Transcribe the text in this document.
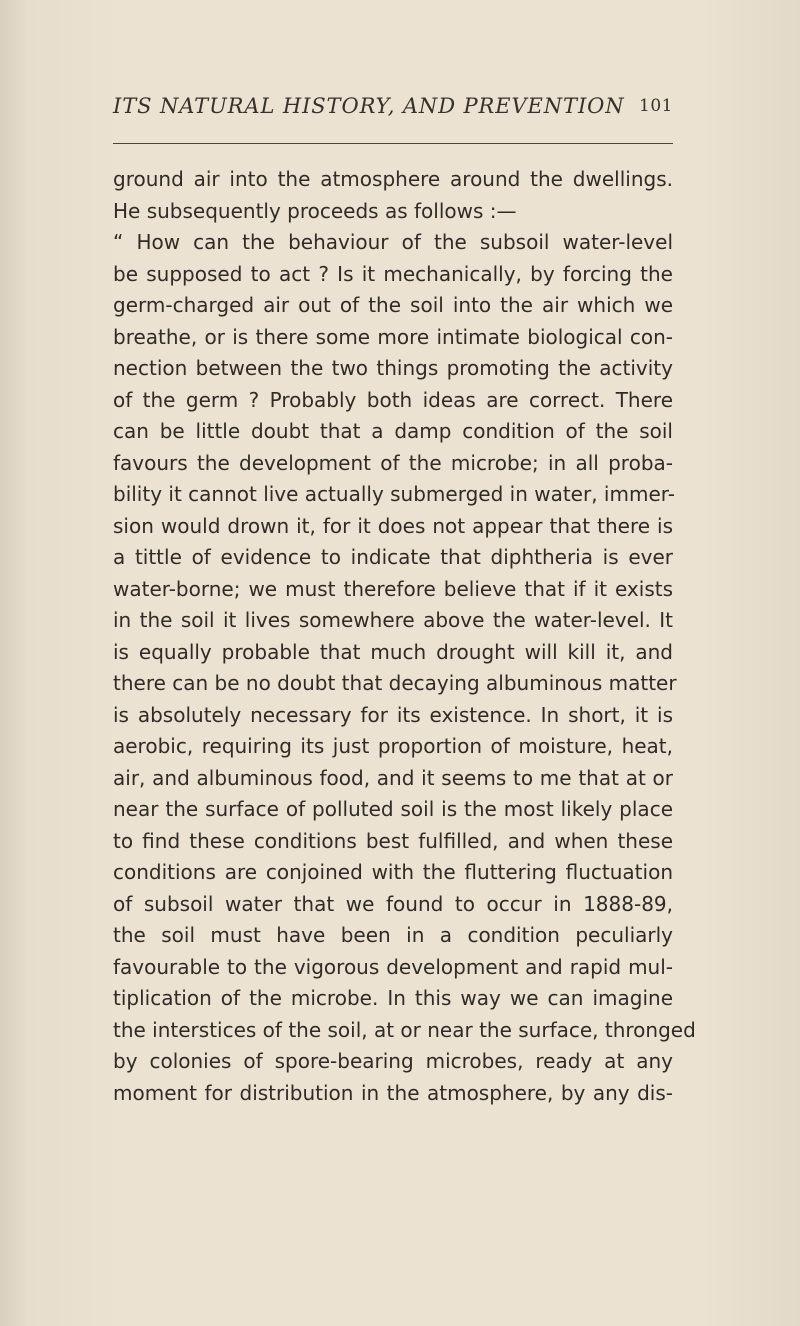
ITS NATURAL HISTORY, AND PREVENTION 101
ground air into the atmosphere around the dwellings.
He subsequently proceeds as follows :—
“ How can the behaviour of the subsoil water-level
be supposed to act ? Is it mechanically, by forcing the
germ-charged air out of the soil into the air which we
breathe, or is there some more intimate biological con-
nection between the two things promoting the activity
of the germ ? Probably both ideas are correct. There
can be little doubt that a damp condition of the soil
favours the development of the microbe; in all proba-
bility it cannot live actually submerged in water, immer-
sion would drown it, for it does not appear that there is
a tittle of evidence to indicate that diphtheria is ever
water-borne; we must therefore believe that if it exists
in the soil it lives somewhere above the water-level. It
is equally probable that much drought will kill it, and
there can be no doubt that decaying albuminous matter
is absolutely necessary for its existence. In short, it is
aerobic, requiring its just proportion of moisture, heat,
air, and albuminous food, and it seems to me that at or
near the surface of polluted soil is the most likely place
to find these conditions best fulfilled, and when these
conditions are conjoined with the fluttering fluctuation
of subsoil water that we found to occur in 1888-89,
the soil must have been in a condition peculiarly
favourable to the vigorous development and rapid mul-
tiplication of the microbe. In this way we can imagine
the interstices of the soil, at or near the surface, thronged
by colonies of spore-bearing microbes, ready at any
moment for distribution in the atmosphere, by any dis-
